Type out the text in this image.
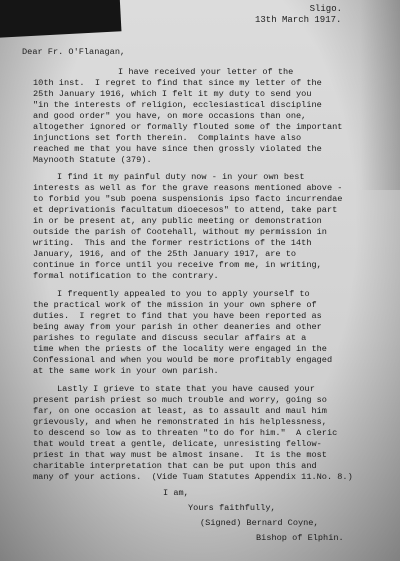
Sligo.
13th March 1917.
Dear Fr. O'Flanagan,
I have received your letter of the
10th inst.  I regret to find that since my letter of the
25th January 1916, which I felt it my duty to send you
"in the interests of religion, ecclesiastical discipline
and good order" you have, on more occasions than one,
altogether ignored or formally flouted some of the important
injunctions set forth therein.  Complaints have also
reached me that you have since then grossly violated the
Maynooth Statute (379).
I find it my painful duty now - in your own best
interests as well as for the grave reasons mentioned above -
to forbid you "sub poena suspensionis ipso facto incurrendae
et deprivationis facultatum dioecesos" to attend, take part
in or be present at, any public meeting or demonstration
outside the parish of Cootehall, without my permission in
writing.  This and the former restrictions of the 14th
January, 1916, and of the 25th January 1917, are to
continue in force until you receive from me, in writing,
formal notification to the contrary.
I frequently appealed to you to apply yourself to
the practical work of the mission in your own sphere of
duties.  I regret to find that you have been reported as
being away from your parish in other deaneries and other
parishes to regulate and discuss secular affairs at a
time when the priests of the locality were engaged in the
Confessional and when you would be more profitably engaged
at the same work in your own parish.
Lastly I grieve to state that you have caused your
present parish priest so much trouble and worry, going so
far, on one occasion at least, as to assault and maul him
grievously, and when he remonstrated in his helplessness,
to descend so low as to threaten "to do for him."  A cleric
that would treat a gentle, delicate, unresisting fellow-
priest in that way must be almost insane.  It is the most
charitable interpretation that can be put upon this and
many of your actions.  (Vide Tuam Statutes Appendix 11.No. 8.)
I am,
Yours faithfully,
(Signed) Bernard Coyne,
Bishop of Elphin.
